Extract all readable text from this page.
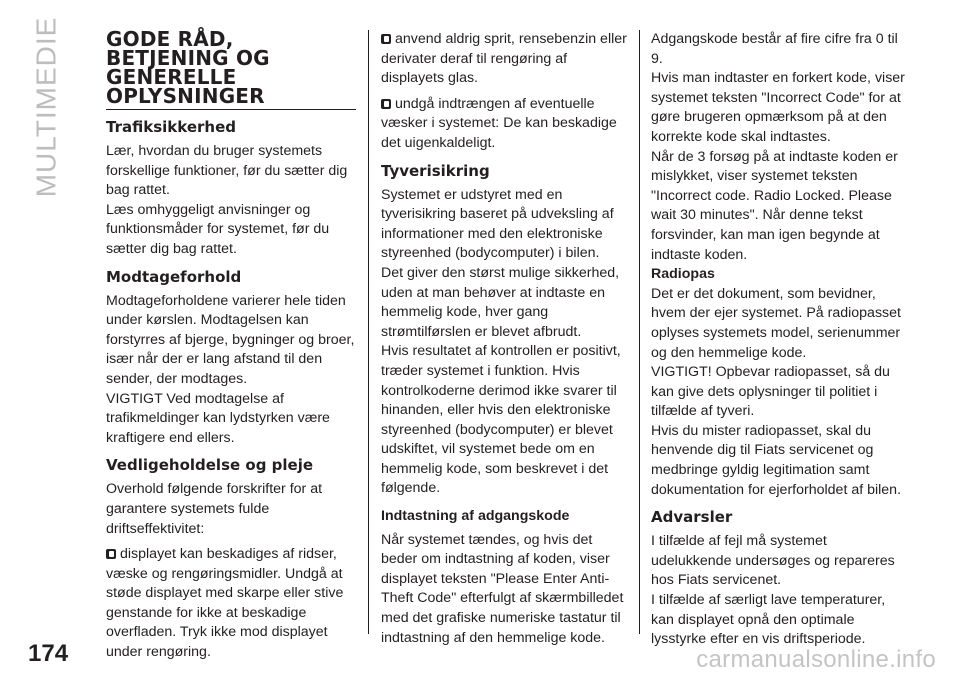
MULTIMEDIE GODE RÅD,
BETJENING OG
GENERELLE
OPLYSNINGER
Trafiksikkerhed

Lær, hvordan du bruger systemets forskellige funktioner, før du sætter dig bag rattet.

Læs omhyggeligt anvisninger og funktionsmåder for systemet, før du sætter dig bag rattet.

Modtageforhold

Modtageforholdene varierer hele tiden under kørslen. Modtagelsen kan forstyrres af bjerge, bygninger og broer, især når der er lang afstand til den sender, der modtages.

VIGTIGT Ved modtagelse af trafikmeldinger kan lydstyrken være kraftigere end ellers.

Vedligeholdelse og pleje

Overhold følgende forskrifter for at garantere systemets fulde driftseffektivitet:

displayet kan beskadiges af ridser, væske og rengøringsmidler. Undgå at støde displayet med skarpe eller stive genstande for ikke at beskadige overfladen. Tryk ikke mod displayet under rengøring.

anvend aldrig sprit, rensebenzin eller derivater deraf til rengøring af displayets glas.

undgå indtrængen af eventuelle væsker i systemet: De kan beskadige det uigenkaldeligt.

Tyverisikring

Systemet er udstyret med en tyverisikring baseret på udveksling af informationer med den elektroniske styreenhed (bodycomputer) i bilen.

Det giver den størst mulige sikkerhed, uden at man behøver at indtaste en hemmelig kode, hver gang strømtilførslen er blevet afbrudt.

Hvis resultatet af kontrollen er positivt, træder systemet i funktion. Hvis kontrolkoderne derimod ikke svarer til hinanden, eller hvis den elektroniske styreenhed (bodycomputer) er blevet udskiftet, vil systemet bede om en hemmelig kode, som beskrevet i det følgende.

Indtastning af adgangskode

Når systemet tændes, og hvis det beder om indtastning af koden, viser displayet teksten "Please Enter Anti-Theft Code" efterfulgt af skærmbilledet med det grafiske numeriske tastatur til indtastning af den hemmelige kode.

Adgangskode består af fire cifre fra 0 til 9.

Hvis man indtaster en forkert kode, viser systemet teksten "Incorrect Code" for at gøre brugeren opmærksom på at den korrekte kode skal indtastes.

Når de 3 forsøg på at indtaste koden er mislykket, viser systemet teksten "Incorrect code. Radio Locked. Please wait 30 minutes". Når denne tekst forsvinder, kan man igen begynde at indtaste koden.

Radiopas

Det er det dokument, som bevidner, hvem der ejer systemet. På radiopasset oplyses systemets model, serienummer og den hemmelige kode.

VIGTIGT! Opbevar radiopasset, så du kan give dets oplysninger til politiet i tilfælde af tyveri.

Hvis du mister radiopasset, skal du henvende dig til Fiats servicenet og medbringe gyldig legitimation samt dokumentation for ejerforholdet af bilen.

Advarsler

I tilfælde af fejl må systemet udelukkende undersøges og repareres hos Fiats servicenet.

I tilfælde af særligt lave temperaturer, kan displayet opnå den optimale lysstyrke efter en vis driftsperiode.

174	carmanualsonline.info
